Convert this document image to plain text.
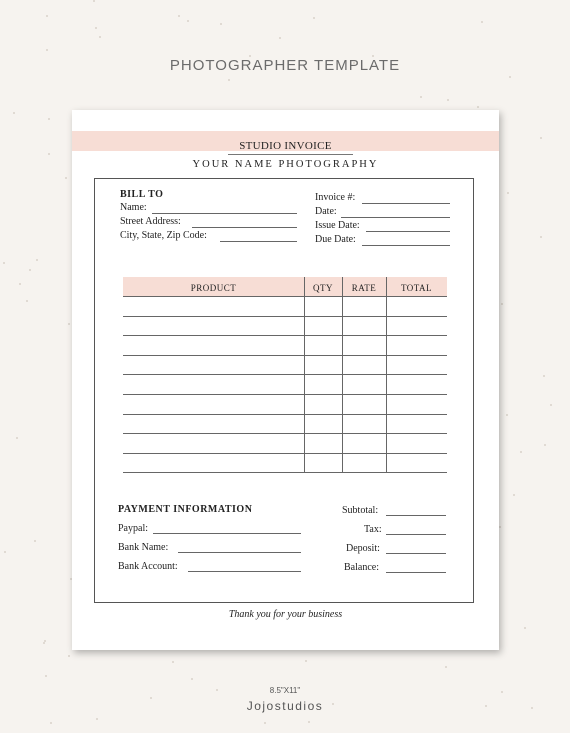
PHOTOGRAPHER TEMPLATE
STUDIO INVOICE
YOUR NAME PHOTOGRAPHY
BILL TO
Name:
Street Address:
City, State, Zip Code:
Invoice #:
Date:
Issue Date:
Due Date:
PRODUCT	QTY	RATE	TOTAL
PAYMENT INFORMATION
Paypal:
Bank Name:
Bank Account:
Subtotal:
Tax:
Deposit:
Balance:
Thank you for your business
8.5"X11"
Jojostudios
